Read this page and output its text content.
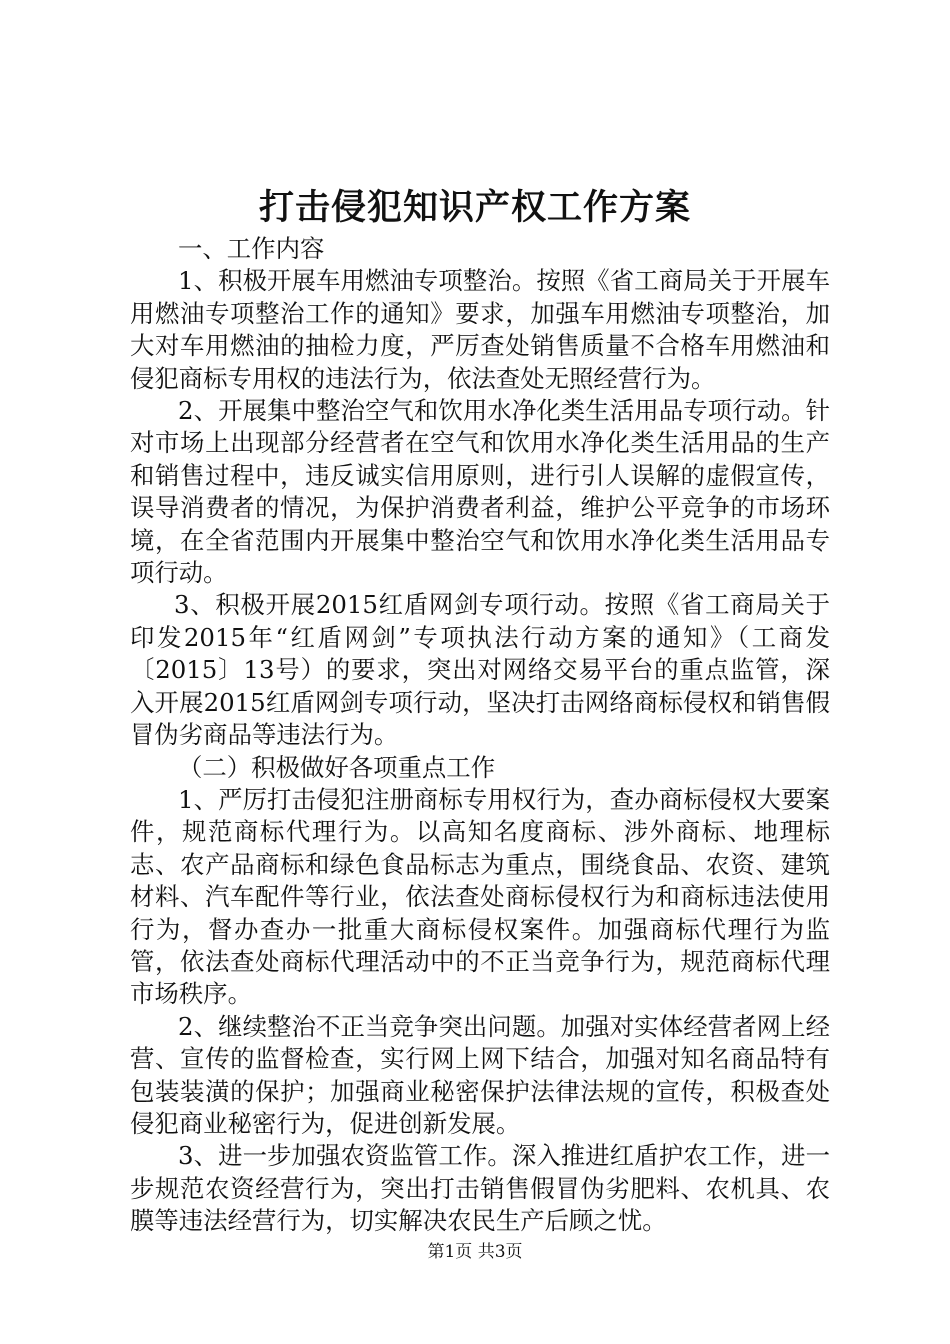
打击侵犯知识产权工作方案

一、工作内容

1、积极开展车用燃油专项整治。按照《省工商局关于开展车用燃油专项整治工作的通知》要求，加强车用燃油专项整治，加大对车用燃油的抽检力度，严厉查处销售质量不合格车用燃油和侵犯商标专用权的违法行为，依法查处无照经营行为。

2、开展集中整治空气和饮用水净化类生活用品专项行动。针对市场上出现部分经营者在空气和饮用水净化类生活用品的生产和销售过程中，违反诚实信用原则，进行引人误解的虚假宣传，误导消费者的情况，为保护消费者利益，维护公平竞争的市场环境，在全省范围内开展集中整治空气和饮用水净化类生活用品专项行动。

3、积极开展2015红盾网剑专项行动。按照《省工商局关于印发2015年“红盾网剑”专项执法行动方案的通知》（工商发〔2015〕13号）的要求，突出对网络交易平台的重点监管，深入开展2015红盾网剑专项行动，坚决打击网络商标侵权和销售假冒伪劣商品等违法行为。

（二）积极做好各项重点工作

1、严厉打击侵犯注册商标专用权行为，查办商标侵权大要案件，规范商标代理行为。以高知名度商标、涉外商标、地理标志、农产品商标和绿色食品标志为重点，围绕食品、农资、建筑材料、汽车配件等行业，依法查处商标侵权行为和商标违法使用行为，督办查办一批重大商标侵权案件。加强商标代理行为监管，依法查处商标代理活动中的不正当竞争行为，规范商标代理市场秩序。

2、继续整治不正当竞争突出问题。加强对实体经营者网上经营、宣传的监督检查，实行网上网下结合，加强对知名商品特有包装装潢的保护；加强商业秘密保护法律法规的宣传，积极查处侵犯商业秘密行为，促进创新发展。

3、进一步加强农资监管工作。深入推进红盾护农工作，进一步规范农资经营行为，突出打击销售假冒伪劣肥料、农机具、农膜等违法经营行为，切实解决农民生产后顾之忧。

第1页 共3页
